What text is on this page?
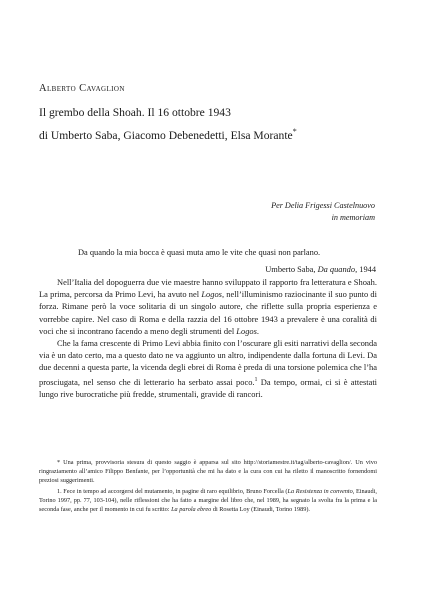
Alberto Cavaglion
Il grembo della Shoah. Il 16 ottobre 1943
di Umberto Saba, Giacomo Debenedetti, Elsa Morante*
Per Delia Frigessi Castelnuovo
in memoriam
Da quando la mia bocca è quasi muta amo le vite che quasi non parlano.
Umberto Saba, Da quando, 1944

Nell’Italia del dopoguerra due vie maestre hanno sviluppato il rapporto fra letteratura e Shoah. La prima, percorsa da Primo Levi, ha avuto nel Logos, nell’illuminismo raziocinante il suo punto di forza. Rimane però la voce solitaria di un singolo autore, che riflette sulla propria esperienza e vorrebbe capire. Nel caso di Roma e della razzia del 16 ottobre 1943 a prevalere è una coralità di voci che si incontrano facendo a meno degli strumenti del Logos.

Che la fama crescente di Primo Levi abbia finito con l’oscurare gli esiti narrativi della seconda via è un dato certo, ma a questo dato ne va aggiunto un altro, indipendente dalla fortuna di Levi. Da due decenni a questa parte, la vicenda degli ebrei di Roma è preda di una torsione polemica che l’ha prosciugata, nel senso che di letterario ha serbato assai poco.$^1$ Da tempo, ormai, ci si è attestati lungo rive burocratiche più fredde, strumentali, gravide di rancori.

* Una prima, provvisoria stesura di questo saggio è apparsa sul sito http://storiamestre.it/tag/alberto-cavaglion/. Un vivo ringraziamento all’amico Filippo Benfante, per l’opportunità che mi ha dato e la cura con cui ha riletto il manoscritto fornendomi preziosi suggerimenti.

1. Fece in tempo ad accorgersi del mutamento, in pagine di raro equilibrio, Bruno Forcella (La Resistenza in convento, Einaudi, Torino 1997, pp. 77, 103-104), nelle riflessioni che ha fatto a margine del libro che, nel 1989, ha segnato la svolta fra la prima e la seconda fase, anche per il momento in cui fu scritto: La parola ebreo di Rosetta Loy (Einaudi, Torino 1989).
